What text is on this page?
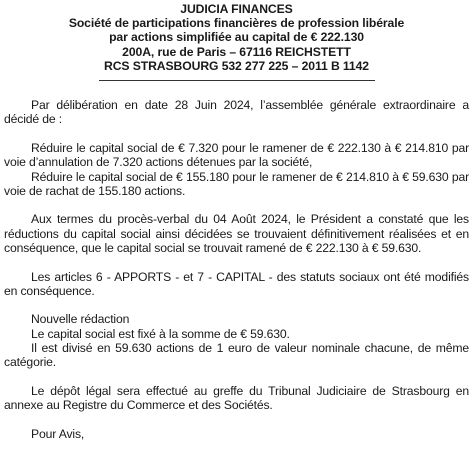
JUDICIA FINANCES
Société de participations financières de profession libérale
par actions simplifiée au capital de € 222.130
200A, rue de Paris – 67116 REICHSTETT
RCS STRASBOURG 532 277 225 – 2011 B 1142

Par délibération en date 28 Juin 2024, l’assemblée générale extraordinaire a décidé de :

Réduire le capital social de € 7.320 pour le ramener de € 222.130 à € 214.810 par voie d’annulation de 7.320 actions détenues par la société,

Réduire le capital social de € 155.180 pour le ramener de € 214.810 à € 59.630 par voie de rachat de 155.180 actions.

Aux termes du procès-verbal du 04 Août 2024, le Président a constaté que les réductions du capital social ainsi décidées se trouvaient définitivement réalisées et en conséquence, que le capital social se trouvait ramené de € 222.130 à € 59.630.

Les articles 6 - APPORTS - et 7 - CAPITAL - des statuts sociaux ont été modifiés en conséquence.

Nouvelle rédaction

Le capital social est fixé à la somme de € 59.630.

Il est divisé en 59.630 actions de 1 euro de valeur nominale chacune, de même catégorie.

Le dépôt légal sera effectué au greffe du Tribunal Judiciaire de Strasbourg en annexe au Registre du Commerce et des Sociétés.

Pour Avis,
